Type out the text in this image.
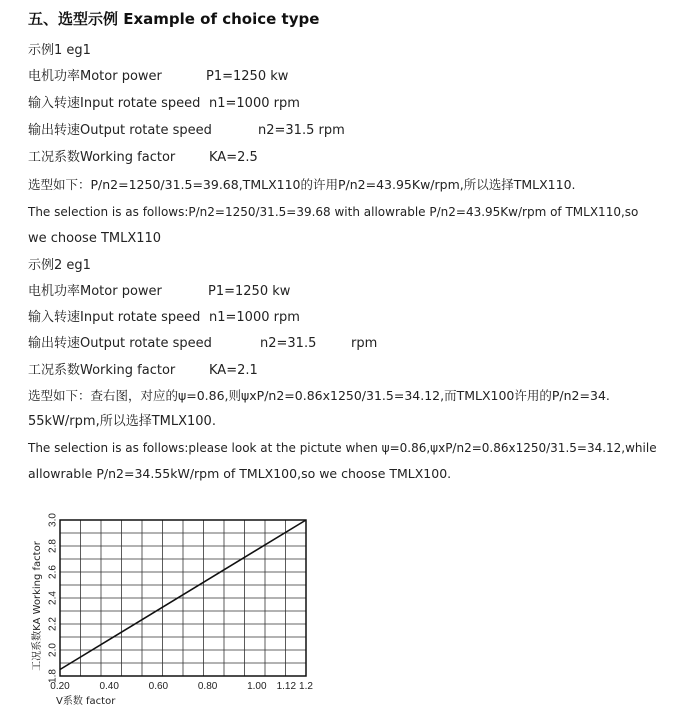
五、选型示例 Example of choice type
示例1 eg1
电机功率Motor power	P1=1250 kw
输入转速Input rotate speed n1=1000 rpm
输出转速Output rotate speed	n2=31.5 rpm
工况系数Working factor	KA=2.5
选型如下：P/n2=1250/31.5=39.68,TMLX110的许用P/n2=43.95Kw/rpm,所以选择TMLX110.
The selection is as follows:P/n2=1250/31.5=39.68 with allowrable P/n2=43.95Kw/rpm of TMLX110,so
we choose TMLX110
示例2 eg1
电机功率Motor power	P1=1250 kw
输入转速Input rotate speed n1=1000 rpm
输出转速Output rotate speed	n2=31.5	rpm
工况系数Working factor	KA=2.1
选型如下：查右图，对应的ψ=0.86,则ψxP/n2=0.86x1250/31.5=34.12,而TMLX100许用的P/n2=34.
55kW/rpm,所以选择TMLX100.
The selection is as follows:please look at the pictute when ψ=0.86,ψxP/n2=0.86x1250/31.5=34.12,while
allowrable P/n2=34.55kW/rpm of TMLX100,so we choose TMLX100.
0.20	0.40	0.60	0.80	1.00 1.12 1.2
1.8
2.0
2.2
2.4
2.6
2.8
3.0
V系数 factor
工况系数KA Working factor
